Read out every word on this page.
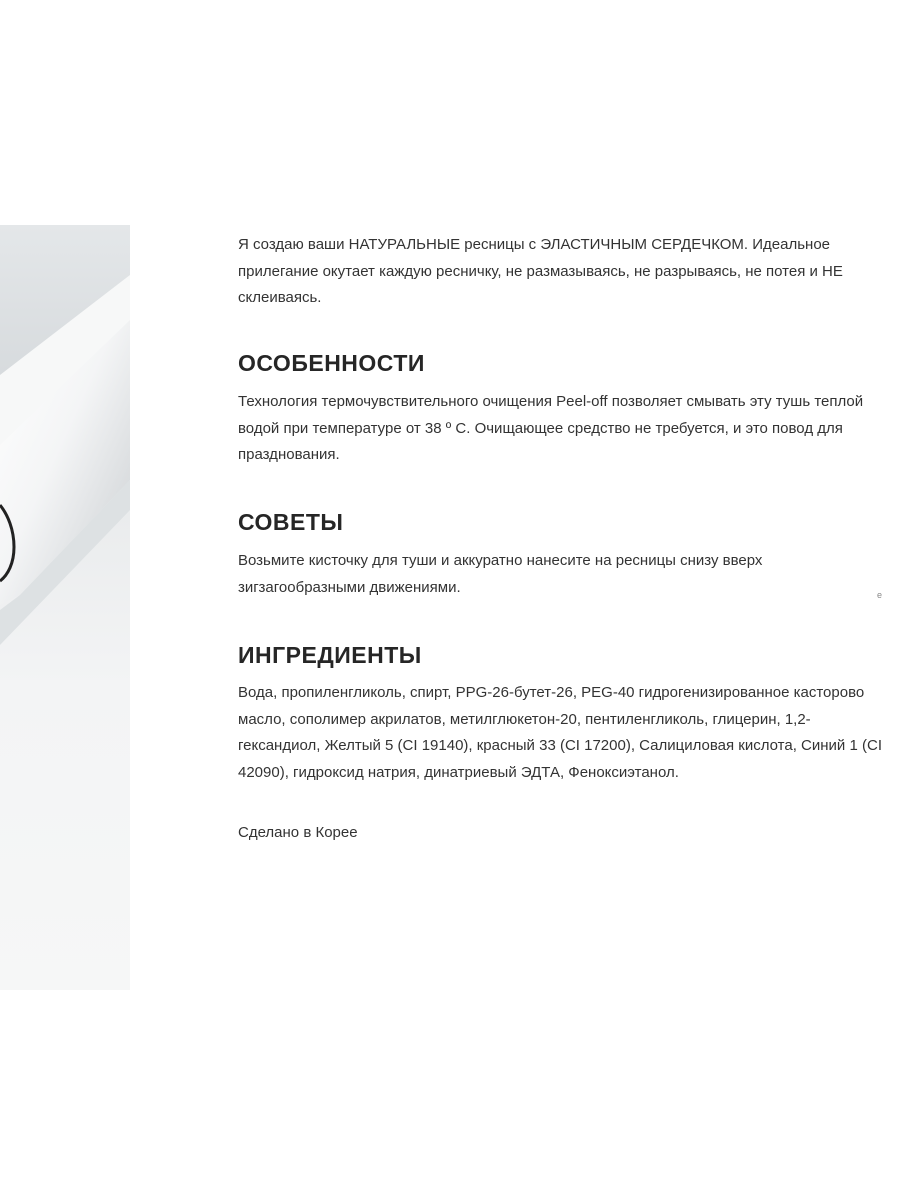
Я создаю ваши НАТУРАЛЬНЫЕ ресницы с ЭЛАСТИЧНЫМ СЕРДЕЧКОМ. Идеальное прилегание окутает каждую ресничку, не размазываясь, не разрываясь, не потея и НЕ склеиваясь.

ОСОБЕННОСТИ

Технология термочувствительного очищения Peel-off позволяет смывать эту тушь теплой водой при температуре от 38 º С. Очищающее средство не требуется, и это повод для празднования.

СОВЕТЫ

Возьмите кисточку для туши и аккуратно нанесите на ресницы снизу вверх зигзагообразными движениями.

ИНГРЕДИЕНТЫ

Вода, пропиленгликоль, спирт, PPG-26-бутет-26, PEG-40 гидрогенизированное касторово масло, сополимер акрилатов, метилглюкетон-20, пентиленгликоль, глицерин, 1,2-гександиол, Желтый 5 (CI 19140), красный 33 (CI 17200), Салициловая кислота, Синий 1 (CI 42090), гидроксид натрия, динатриевый ЭДТА, Феноксиэтанол.

Сделано в Корее

e
